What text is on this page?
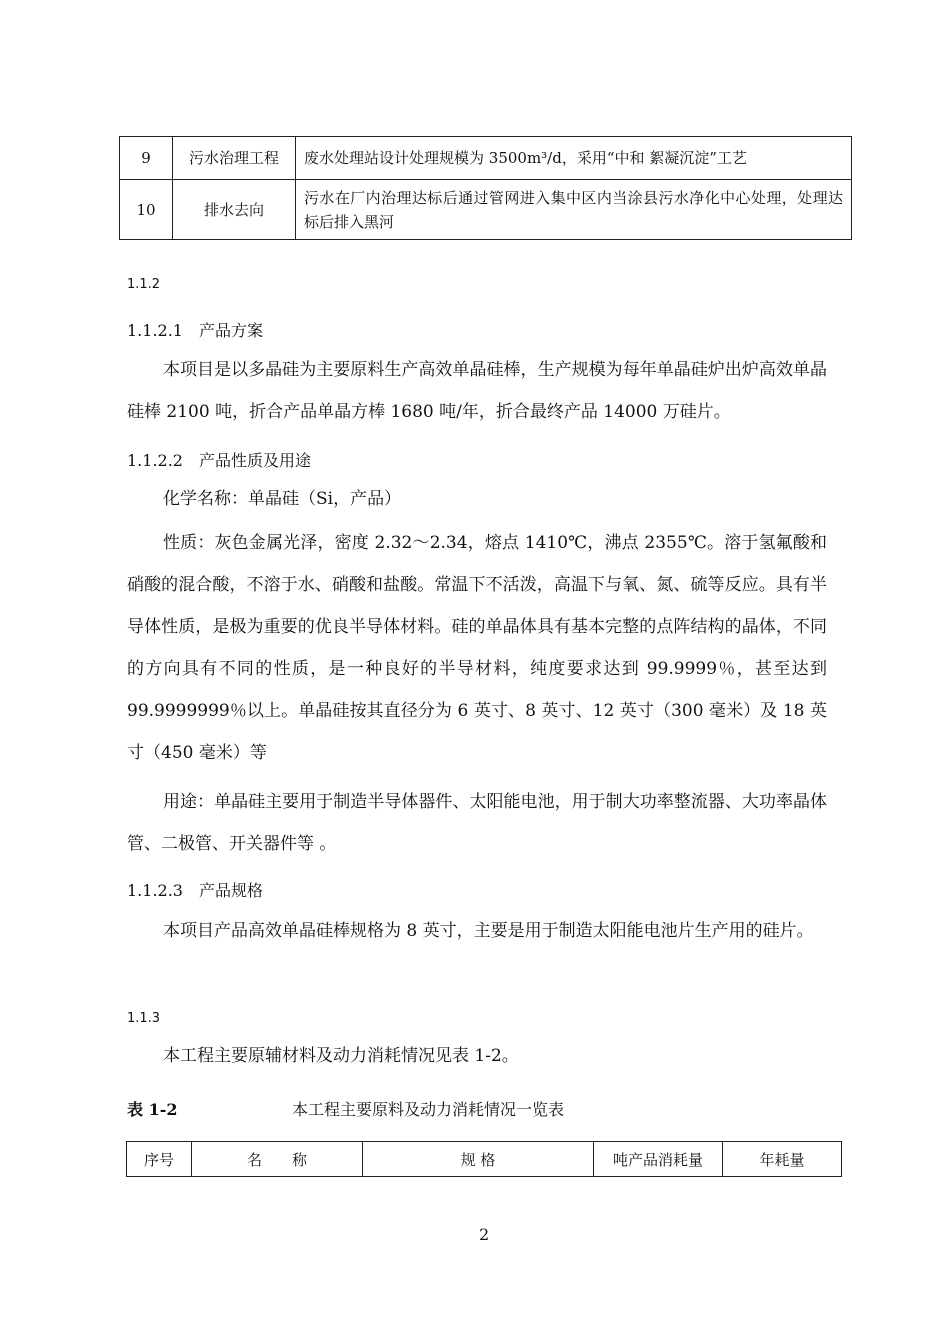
9	污水治理工程	废水处理站设计处理规模为 3500m³/d，采用“中和 絮凝沉淀”工艺
10	排水去向	污水在厂内治理达标后通过管网进入集中区内当涂县污水净化中心处理，处理达标后排入黑河
1.1.2
1.1.2.1　产品方案
本项目是以多晶硅为主要原料生产高效单晶硅棒，生产规模为每年单晶硅炉出炉高效单晶硅棒 2100 吨，折合产品单晶方棒 1680 吨/年，折合最终产品 14000 万硅片。
1.1.2.2　产品性质及用途
化学名称：单晶硅（Si，产品）
性质：灰色金属光泽，密度 2.32～2.34，熔点 1410℃，沸点 2355℃。溶于氢氟酸和硝酸的混合酸，不溶于水、硝酸和盐酸。常温下不活泼，高温下与氧、氮、硫等反应。具有半导体性质，是极为重要的优良半导体材料。硅的单晶体具有基本完整的点阵结构的晶体，不同的方向具有不同的性质，是一种良好的半导材料，纯度要求达到 99.9999％，甚至达到 99.9999999％以上。单晶硅按其直径分为 6 英寸、8 英寸、12 英寸（300 毫米）及 18 英寸（450 毫米）等
用途：单晶硅主要用于制造半导体器件、太阳能电池，用于制大功率整流器、大功率晶体管、二极管、开关器件等 。
1.1.2.3　产品规格
本项目产品高效单晶硅棒规格为 8 英寸，主要是用于制造太阳能电池片生产用的硅片。
1.1.3
本工程主要原辅材料及动力消耗情况见表 1-2。
表 1-2	本工程主要原料及动力消耗情况一览表
序号	名　　称	规 格	吨产品消耗量	年耗量
2
